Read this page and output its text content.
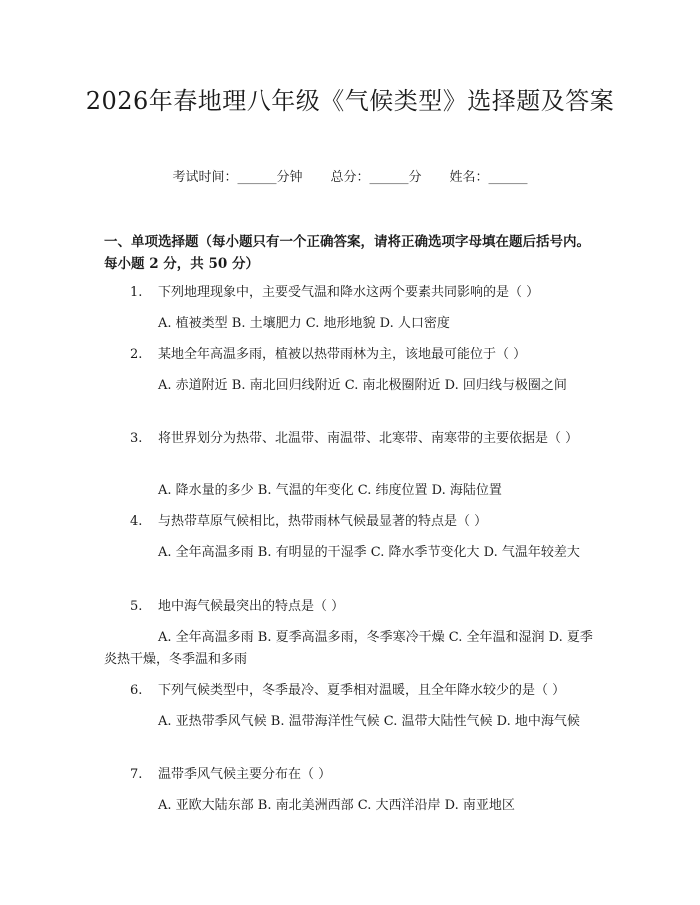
2026年春地理八年级《气候类型》选择题及答案
考试时间：______分钟 总分：______分 姓名：______
一、单项选择题（每小题只有一个正确答案，请将正确选项字母填在题后括号内。每小题 2 分，共 50 分）

1. 下列地理现象中，主要受气温和降水这两个要素共同影响的是（ ）

A. 植被类型 B. 土壤肥力 C. 地形地貌 D. 人口密度

2. 某地全年高温多雨，植被以热带雨林为主，该地最可能位于（ ）

A. 赤道附近 B. 南北回归线附近 C. 南北极圈附近 D. 回归线与极圈之间

3. 将世界划分为热带、北温带、南温带、北寒带、南寒带的主要依据是（ ）

A. 降水量的多少 B. 气温的年变化 C. 纬度位置 D. 海陆位置

4. 与热带草原气候相比，热带雨林气候最显著的特点是（ ）

A. 全年高温多雨 B. 有明显的干湿季 C. 降水季节变化大 D. 气温年较差大

5. 地中海气候最突出的特点是（ ）

A. 全年高温多雨 B. 夏季高温多雨，冬季寒冷干燥 C. 全年温和湿润 D. 夏季炎热干燥，冬季温和多雨

6. 下列气候类型中，冬季最冷、夏季相对温暖，且全年降水较少的是（ ）

A. 亚热带季风气候 B. 温带海洋性气候 C. 温带大陆性气候 D. 地中海气候

7. 温带季风气候主要分布在（ ）

A. 亚欧大陆东部 B. 南北美洲西部 C. 大西洋沿岸 D. 南亚地区
